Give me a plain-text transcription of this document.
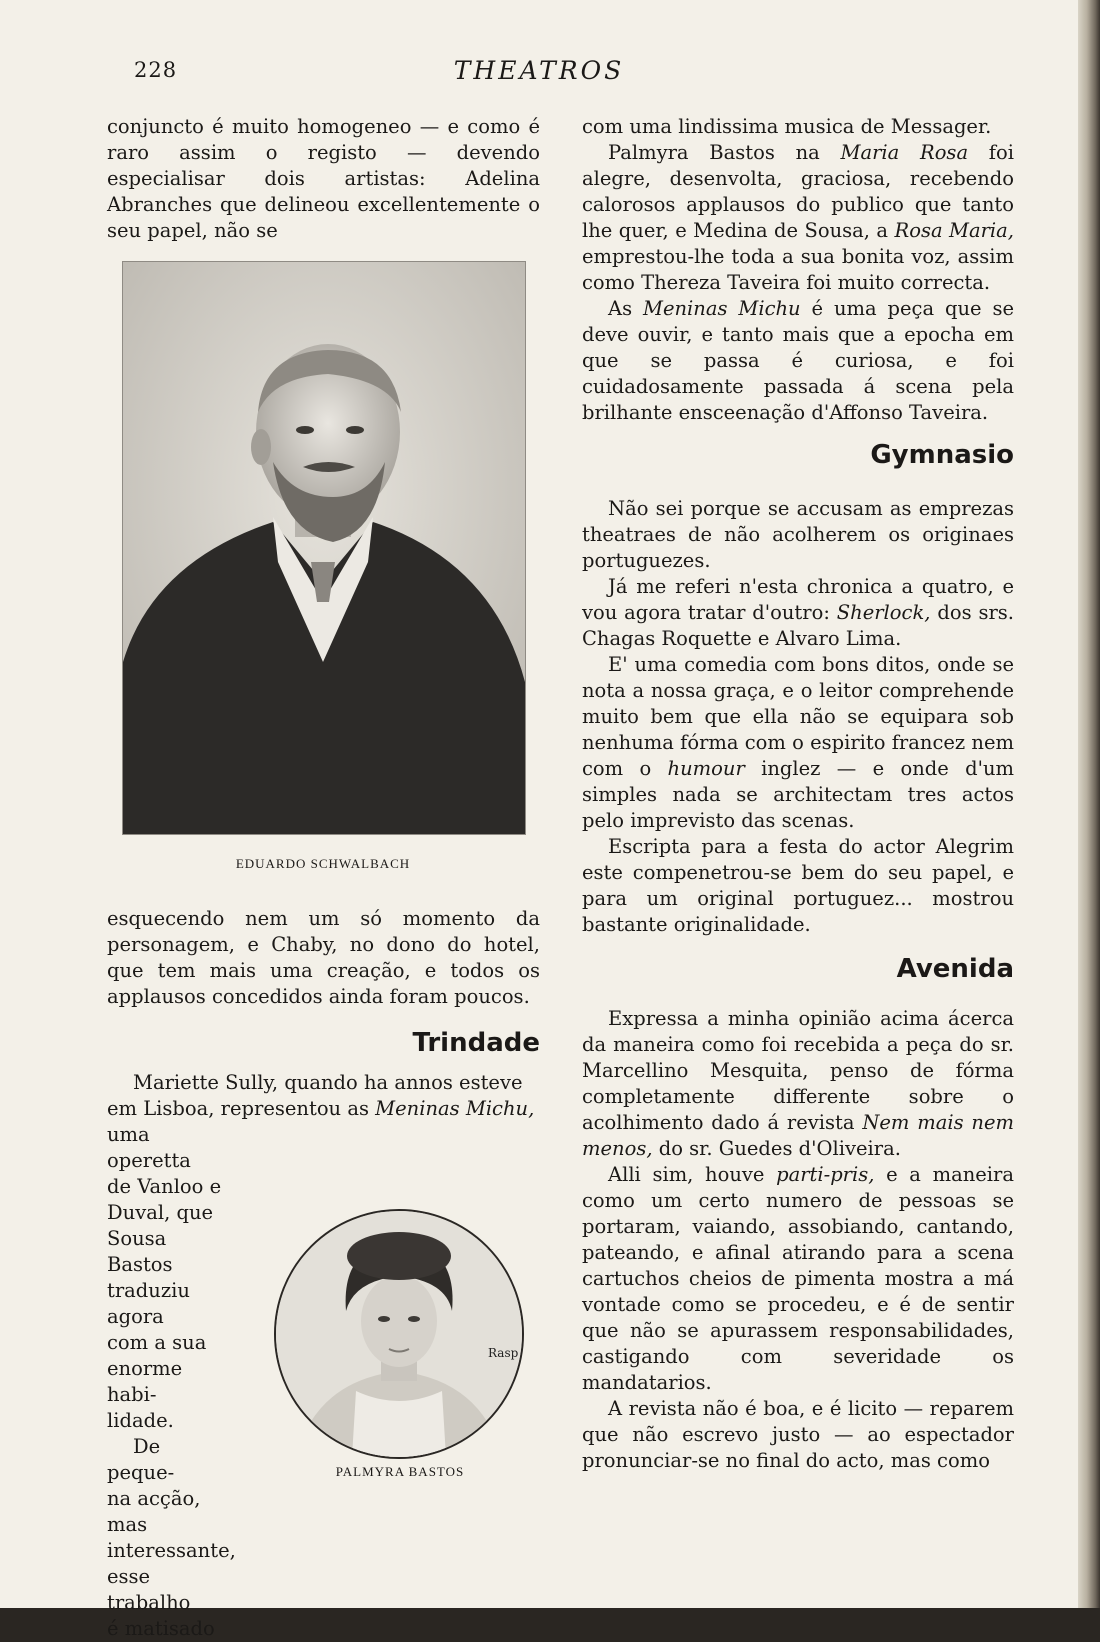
228	THEATROS

conjuncto é muito homogeneo — e como é raro assim o registo — devendo especialisar dois artistas: Adelina Abranches que delineou excellentemente o seu papel, não se

EDUARDO SCHWALBACH

esquecendo nem um só momento da personagem, e Chaby, no dono do hotel, que tem mais uma creação, e todos os applausos concedidos ainda foram poucos.

Trindade

Mariette Sully, quando ha annos esteve

em Lisboa, representou as Meninas Michu,

uma operetta

de Vanloo e

Duval, que

Sousa Bastos

traduziu agora

com a sua

enorme habi-

lidade.

De peque-

na acção, mas

interessante,

esse trabalho

é matisado

Rasp
PALMYRA BASTOS

com uma lindissima musica de Messager.

Palmyra Bastos na Maria Rosa foi alegre, desenvolta, graciosa, recebendo calorosos applausos do publico que tanto lhe quer, e Medina de Sousa, a Rosa Maria, emprestou-lhe toda a sua bonita voz, assim como Thereza Taveira foi muito correcta.

As Meninas Michu é uma peça que se deve ouvir, e tanto mais que a epocha em que se passa é curiosa, e foi cuidadosamente passada á scena pela brilhante ensceenação d'Affonso Taveira.

Gymnasio

Não sei porque se accusam as emprezas theatraes de não acolherem os originaes portuguezes.

Já me referi n'esta chronica a quatro, e vou agora tratar d'outro: Sherlock, dos srs. Chagas Roquette e Alvaro Lima.

E' uma comedia com bons ditos, onde se nota a nossa graça, e o leitor comprehende muito bem que ella não se equipara sob nenhuma fórma com o espirito francez nem com o humour inglez — e onde d'um simples nada se architectam tres actos pelo imprevisto das scenas.

Escripta para a festa do actor Alegrim este compenetrou-se bem do seu papel, e para um original portuguez... mostrou bastante originalidade.

Avenida

Expressa a minha opinião acima ácerca da maneira como foi recebida a peça do sr. Marcellino Mesquita, penso de fórma completamente differente sobre o acolhimento dado á revista Nem mais nem menos, do sr. Guedes d'Oliveira.

Alli sim, houve parti-pris, e a maneira como um certo numero de pessoas se portaram, vaiando, assobiando, cantando, pateando, e afinal atirando para a scena cartuchos cheios de pimenta mostra a má vontade como se procedeu, e é de sentir que não se apurassem responsabilidades, castigando com severidade os mandatarios.

A revista não é boa, e é licito — reparem que não escrevo justo — ao espectador pronunciar-se no final do acto, mas como
